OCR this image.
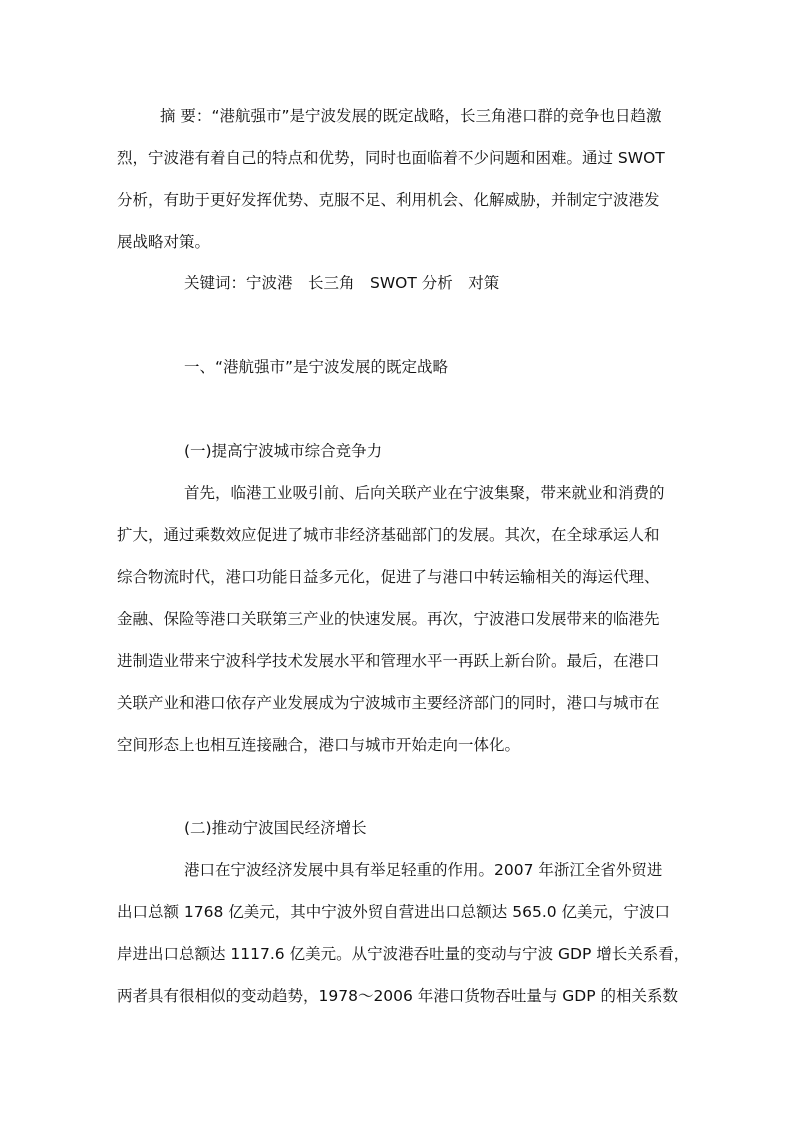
摘 要：“港航强市”是宁波发展的既定战略，长三角港口群的竞争也日趋激
烈，宁波港有着自己的特点和优势，同时也面临着不少问题和困难。通过 SWOT
分析，有助于更好发挥优势、克服不足、利用机会、化解威胁，并制定宁波港发
展战略对策。
关键词：宁波港　长三角　SWOT 分析　对策
一、“港航强市”是宁波发展的既定战略
(一)提高宁波城市综合竞争力
首先，临港工业吸引前、后向关联产业在宁波集聚，带来就业和消费的
扩大，通过乘数效应促进了城市非经济基础部门的发展。其次，在全球承运人和
综合物流时代，港口功能日益多元化，促进了与港口中转运输相关的海运代理、
金融、保险等港口关联第三产业的快速发展。再次，宁波港口发展带来的临港先
进制造业带来宁波科学技术发展水平和管理水平一再跃上新台阶。最后，在港口
关联产业和港口依存产业发展成为宁波城市主要经济部门的同时，港口与城市在
空间形态上也相互连接融合，港口与城市开始走向一体化。
(二)推动宁波国民经济增长
港口在宁波经济发展中具有举足轻重的作用。2007 年浙江全省外贸进
出口总额 1768 亿美元，其中宁波外贸自营进出口总额达 565.0 亿美元，宁波口
岸进出口总额达 1117.6 亿美元。从宁波港吞吐量的变动与宁波 GDP 增长关系看，
两者具有很相似的变动趋势，1978～2006 年港口货物吞吐量与 GDP 的相关系数
